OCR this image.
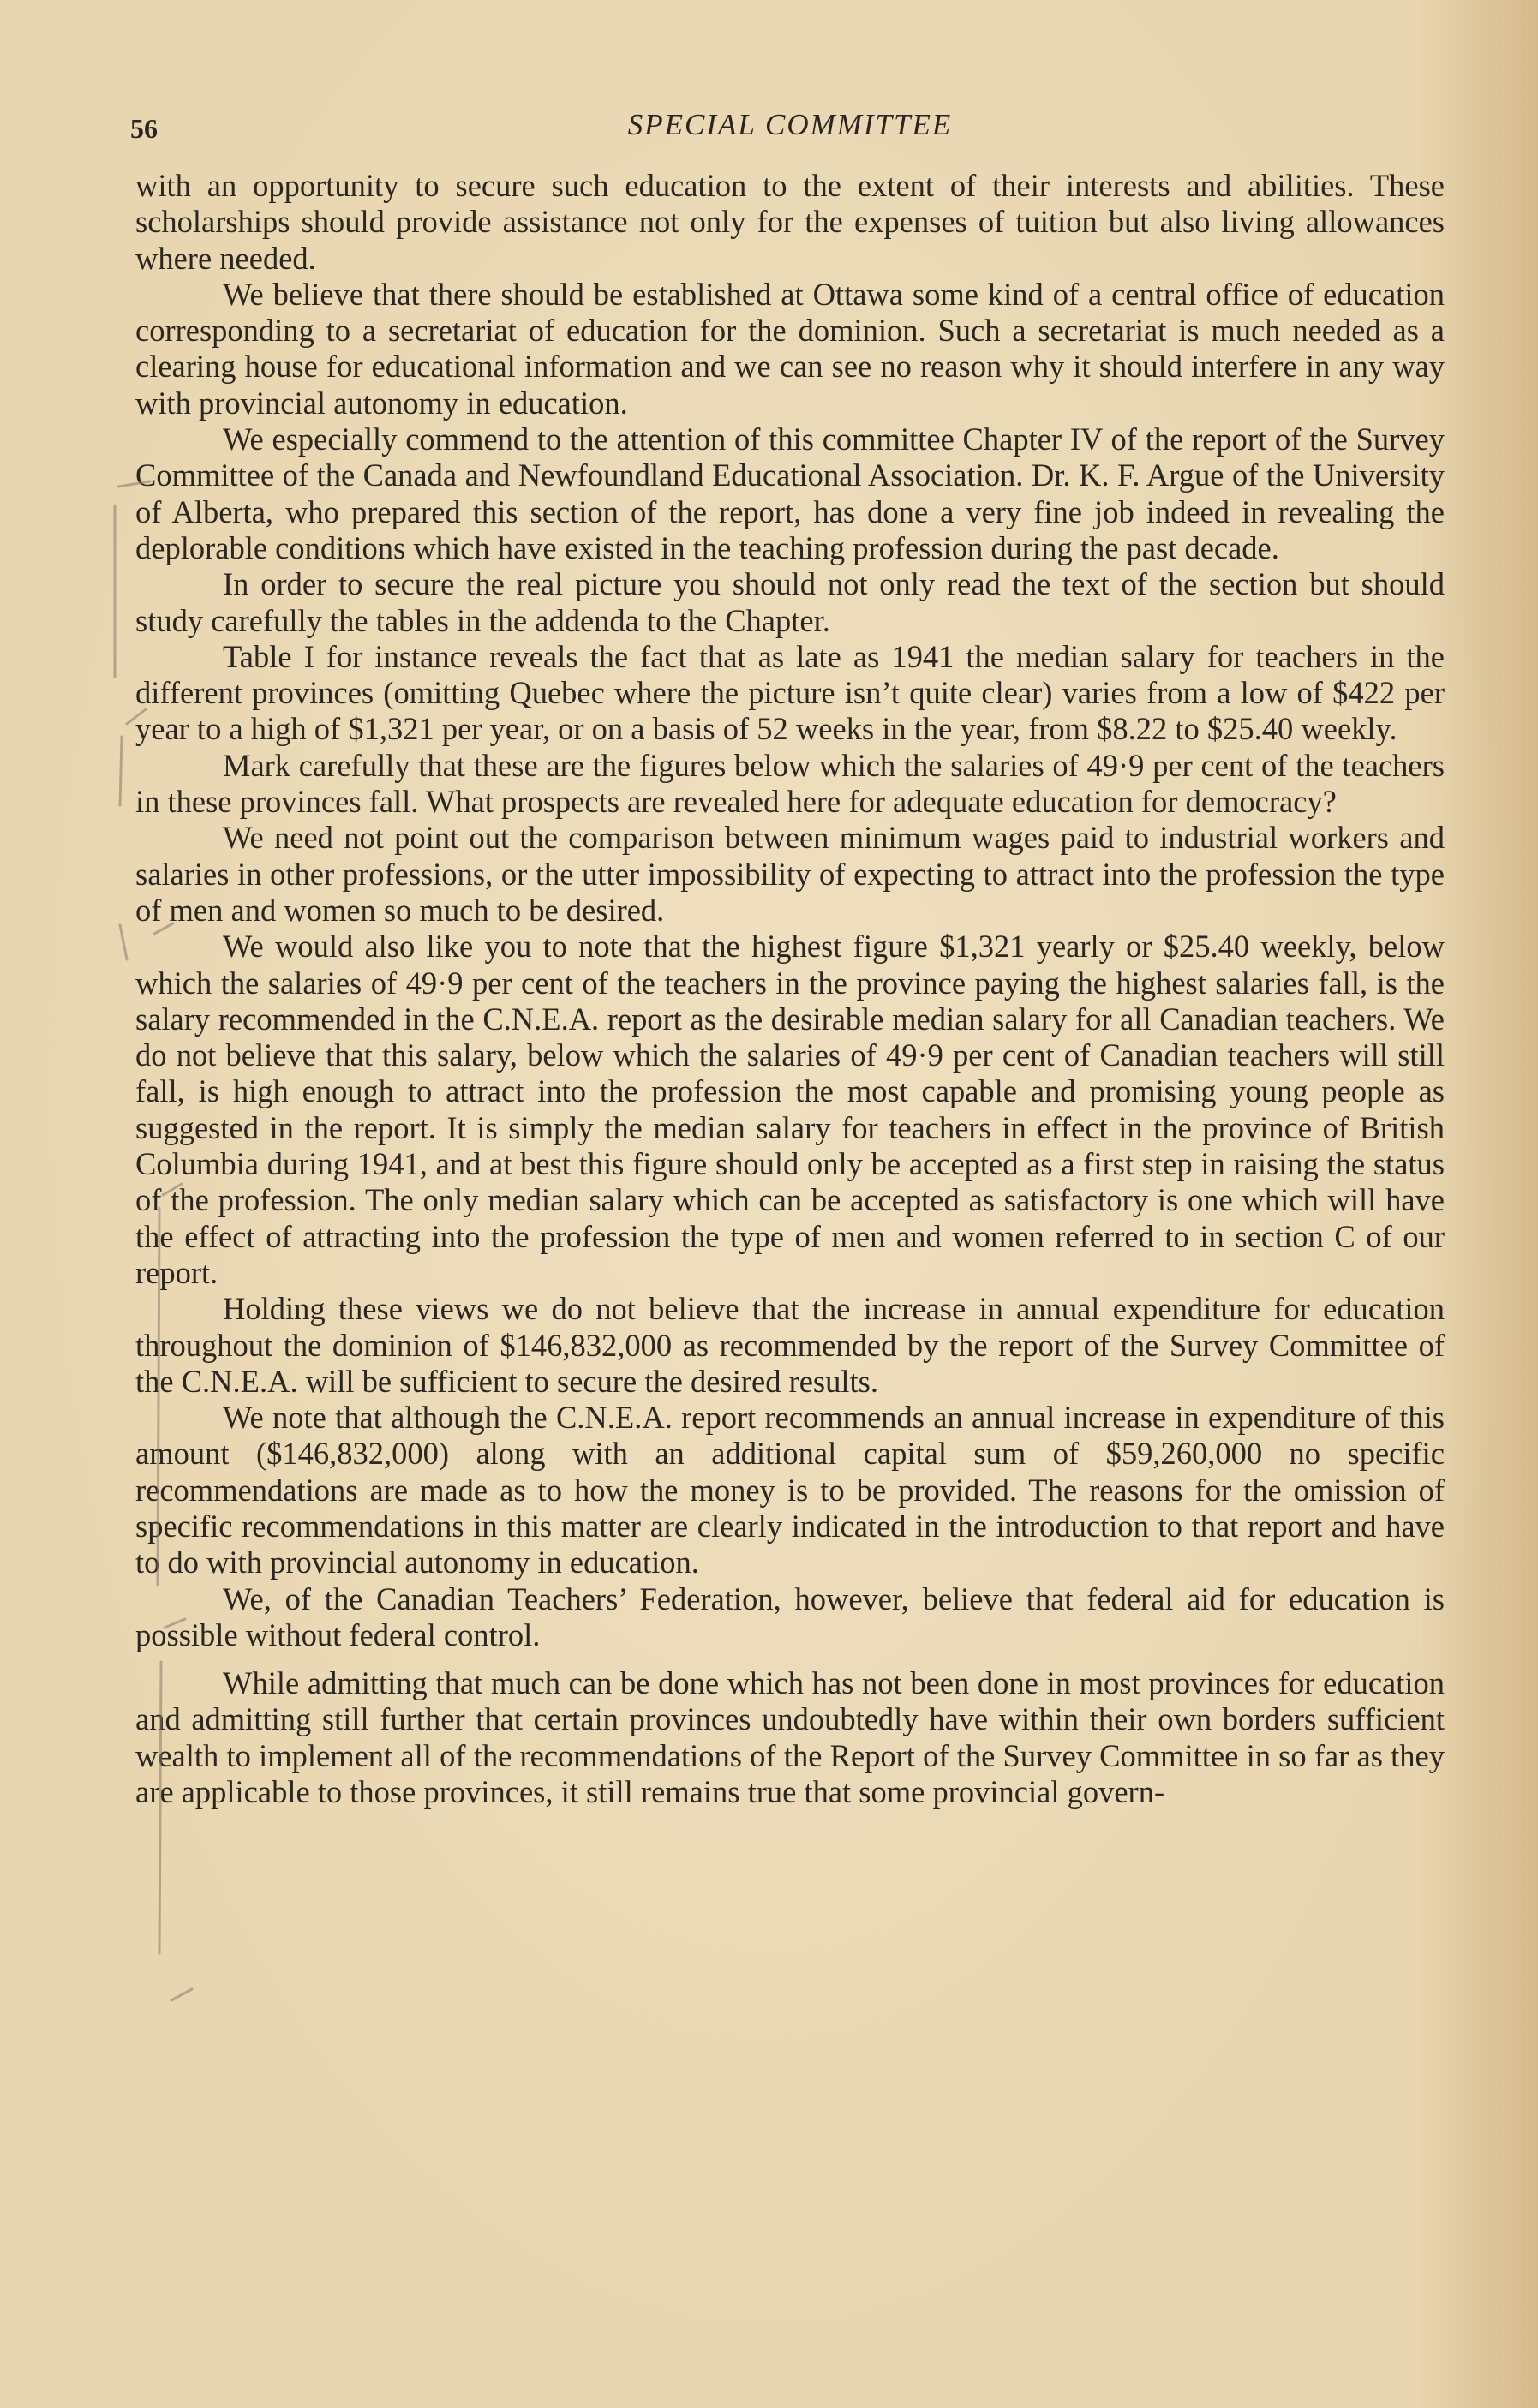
56	SPECIAL COMMITTEE

with an opportunity to secure such education to the extent of their interests and abilities. These scholarships should provide assistance not only for the expenses of tuition but also living allowances where needed.

We believe that there should be established at Ottawa some kind of a central office of education corresponding to a secretariat of education for the dominion. Such a secretariat is much needed as a clearing house for educational information and we can see no reason why it should interfere in any way with provincial autonomy in education.

We especially commend to the attention of this committee Chapter IV of the report of the Survey Committee of the Canada and Newfoundland Educational Association. Dr. K. F. Argue of the University of Alberta, who prepared this section of the report, has done a very fine job indeed in revealing the deplorable conditions which have existed in the teaching profession during the past decade.

In order to secure the real picture you should not only read the text of the section but should study carefully the tables in the addenda to the Chapter.

Table I for instance reveals the fact that as late as 1941 the median salary for teachers in the different provinces (omitting Quebec where the picture isn’t quite clear) varies from a low of $422 per year to a high of $1,321 per year, or on a basis of 52 weeks in the year, from $8.22 to $25.40 weekly.

Mark carefully that these are the figures below which the salaries of 49·9 per cent of the teachers in these provinces fall. What prospects are revealed here for adequate education for democracy?

We need not point out the comparison between minimum wages paid to industrial workers and salaries in other professions, or the utter impossibility of expecting to attract into the profession the type of men and women so much to be desired.

We would also like you to note that the highest figure $1,321 yearly or $25.40 weekly, below which the salaries of 49·9 per cent of the teachers in the province paying the highest salaries fall, is the salary recommended in the C.N.E.A. report as the desirable median salary for all Canadian teachers. We do not believe that this salary, below which the salaries of 49·9 per cent of Canadian teachers will still fall, is high enough to attract into the profession the most capable and promising young people as suggested in the report. It is simply the median salary for teachers in effect in the province of British Columbia during 1941, and at best this figure should only be accepted as a first step in raising the status of the profession. The only median salary which can be accepted as satisfactory is one which will have the effect of attracting into the profession the type of men and women referred to in section C of our report.

Holding these views we do not believe that the increase in annual expenditure for education throughout the dominion of $146,832,000 as recommended by the report of the Survey Committee of the C.N.E.A. will be sufficient to secure the desired results.

We note that although the C.N.E.A. report recommends an annual increase in expenditure of this amount ($146,832,000) along with an additional capital sum of $59,260,000 no specific recommendations are made as to how the money is to be provided. The reasons for the omission of specific recommendations in this matter are clearly indicated in the introduction to that report and have to do with provincial autonomy in education.

We, of the Canadian Teachers’ Federation, however, believe that federal aid for education is possible without federal control.

While admitting that much can be done which has not been done in most provinces for education and admitting still further that certain provinces undoubtedly have within their own borders sufficient wealth to implement all of the recommendations of the Report of the Survey Committee in so far as they are applicable to those provinces, it still remains true that some provincial govern-
